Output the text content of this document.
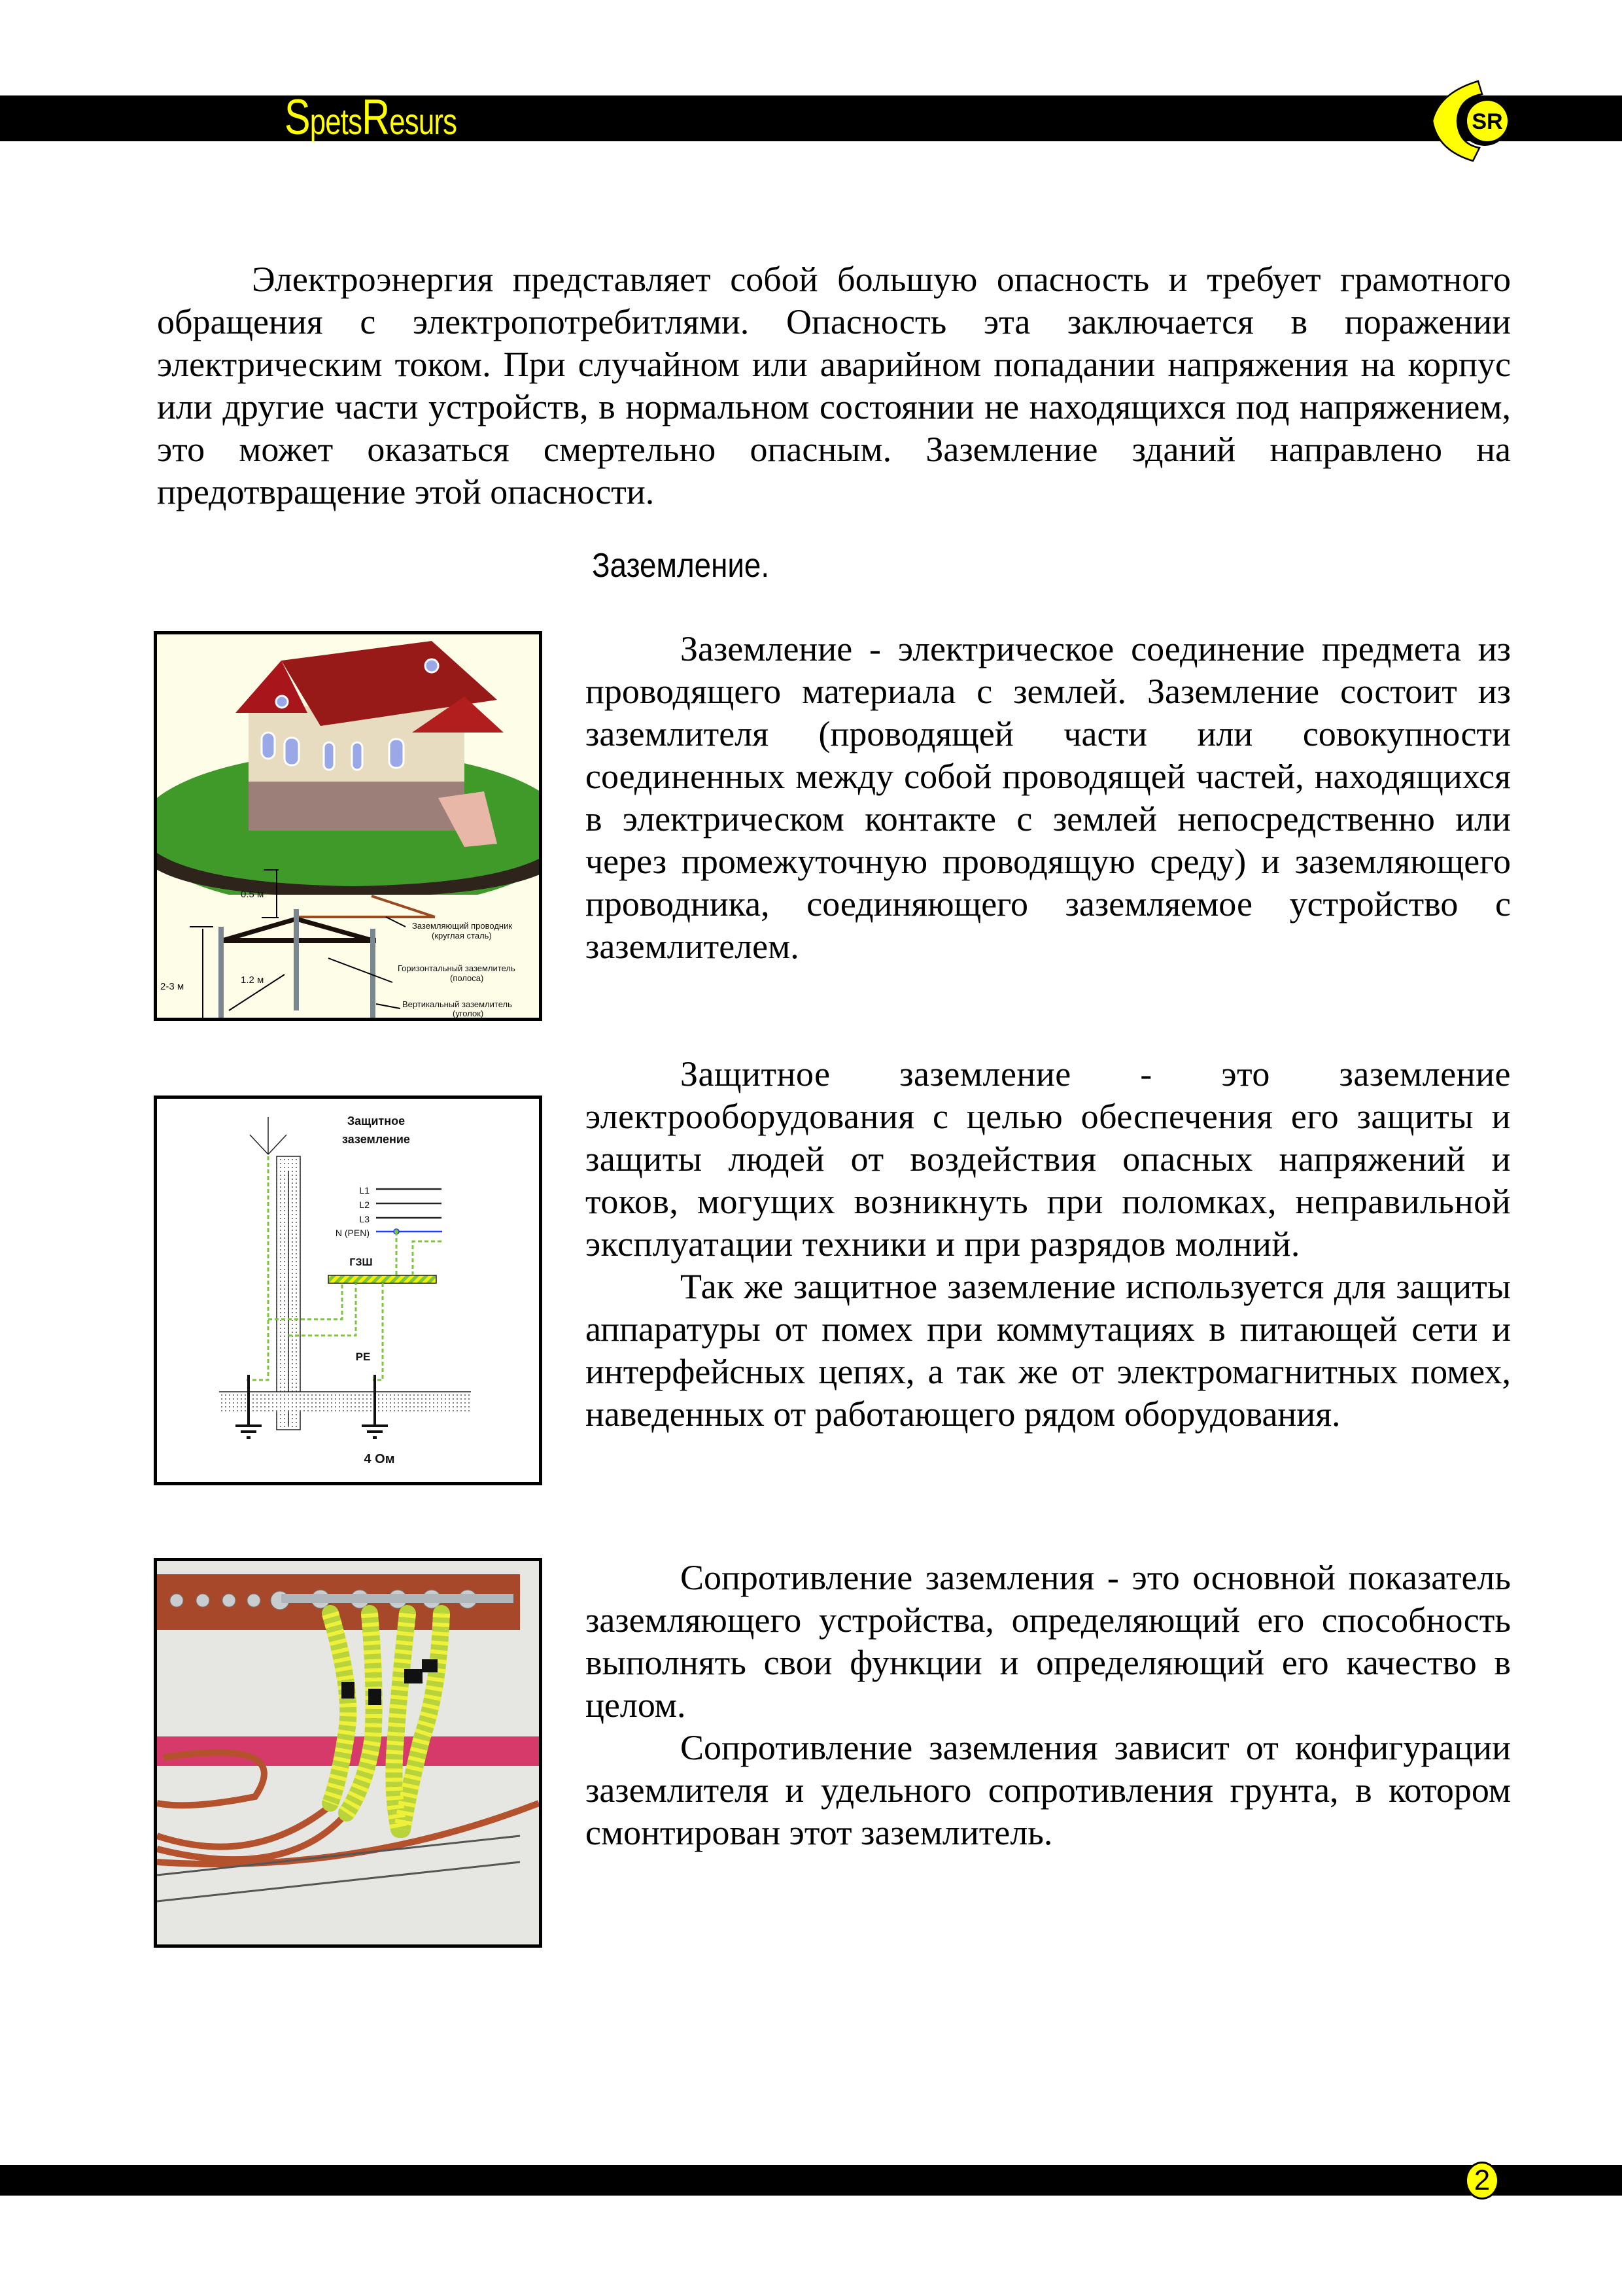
SpetsResurs	SR

Электроэнергия представляет собой большую опасность и требует грамотного обращения с электропотребитлями. Опасность эта заключается в поражении электрическим током. При случайном или аварийном попадании напряжения на корпус или другие части устройств, в нормальном состоянии не находящихся под напряжением, это может оказаться смертельно опасным. Заземление зданий направлено на предотвращение этой опасности.

Заземление.
0.5 м
2-3 м
1.2 м
Заземляющий проводник
(круглая сталь)
Горизонтальный заземлитель
(полоса)
Вертикальный заземлитель
(уголок)

Заземление - электрическое соединение предмета из проводящего материала с землей. Заземление состоит из заземлителя (проводящей части или совокупности соединенных между собой проводящей частей, находящихся в электрическом контакте с землей непосредственно или через промежуточную проводящую среду) и заземляющего проводника, соединяющего заземляемое устройство с заземлителем.

Защитное
заземление
L1
L2
L3
N (PEN)
ГЗШ
PE
4 Ом

Защитное заземление - это заземление электрооборудования с целью обеспечения его защиты и защиты людей от воздействия опасных напряжений и токов, могущих возникнуть при поломках, неправильной эксплуатации техники и при разрядов молний.

Так же защитное заземление используется для защиты аппаратуры от помех при коммутациях в питающей сети и интерфейсных цепях, а так же от электромагнитных помех, наведенных от работающего рядом оборудования.

Сопротивление заземления - это основной показатель заземляющего устройства, определяющий его способность выполнять свои функции и определяющий его качество в целом.

Сопротивление заземления зависит от конфигурации заземлителя и удельного сопротивления грунта, в котором смонтирован этот заземлитель.

2
